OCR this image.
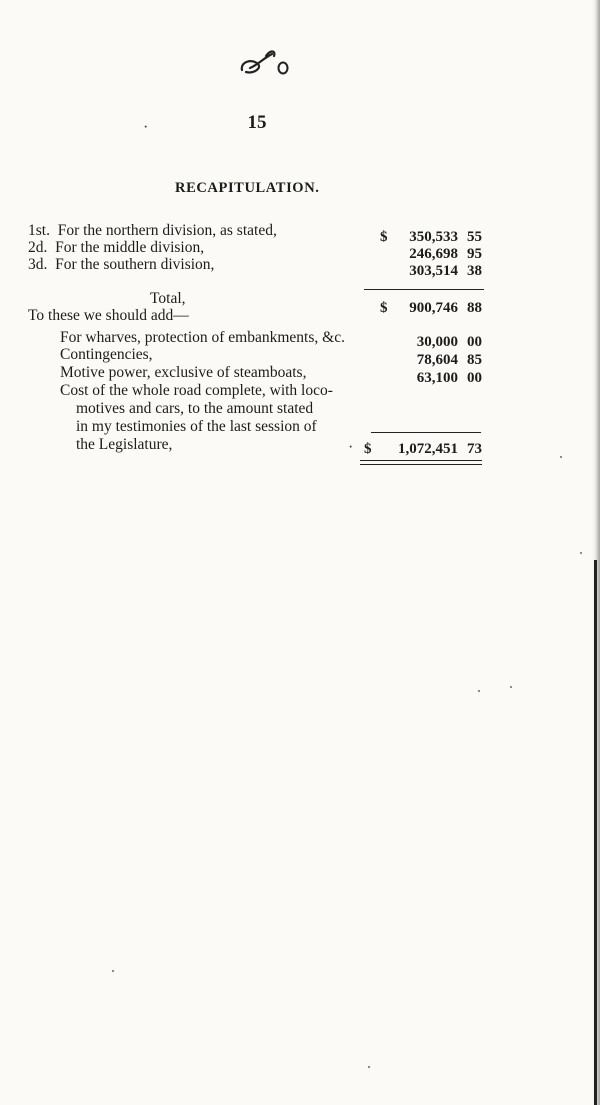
·	15
RECAPITULATION.
1st.  For the northern division, as stated,
2d.  For the middle division,
3d.  For the southern division,
$ 350,533 55
246,698 95
303,514 38
Total,
$ 900,746 88
To these we should add—
For wharves, protection of embankments, &c.
Contingencies,
Motive power, exclusive of steamboats,
30,000 00
78,604 85
63,100 00
Cost of the whole road complete, with loco-
motives and cars, to the amount stated
in my testimonies of the last session of
the Legislature,	· $ 1,072,451 73
